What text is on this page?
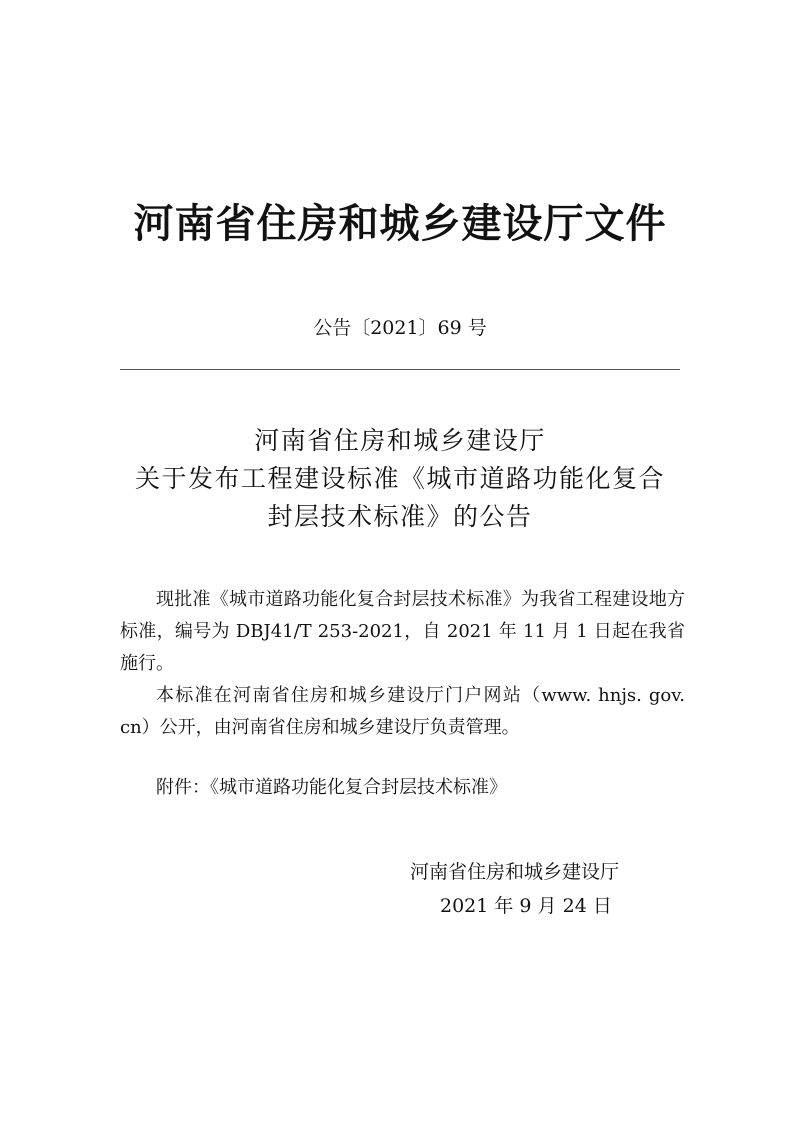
河南省住房和城乡建设厅文件
公告〔2021〕69 号
河南省住房和城乡建设厅
关于发布工程建设标准《城市道路功能化复合
封层技术标准》的公告

现批准《城市道路功能化复合封层技术标准》为我省工程建设地方标准，编号为 DBJ41/T 253-2021，自 2021 年 11 月 1 日起在我省施行。

本标准在河南省住房和城乡建设厅门户网站（www. hnjs. gov. cn）公开，由河南省住房和城乡建设厅负责管理。

附件：《城市道路功能化复合封层技术标准》

河南省住房和城乡建设厅
2021 年 9 月 24 日
